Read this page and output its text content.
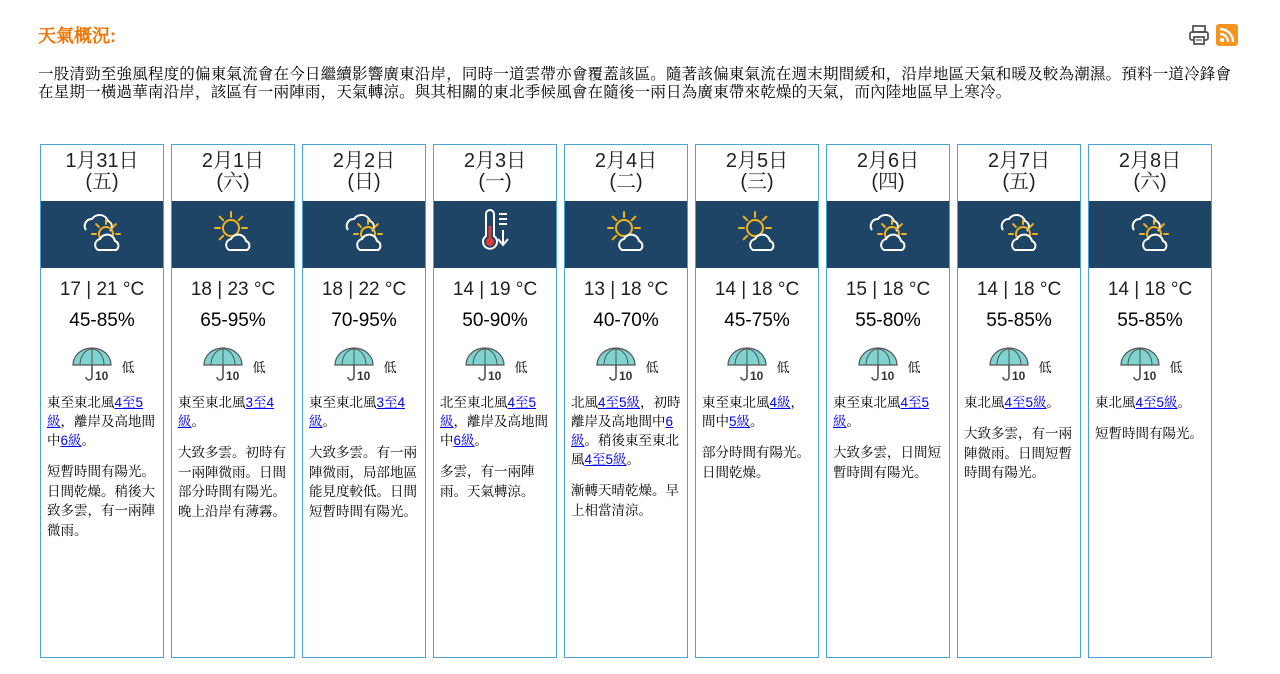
天氣概況:
一股清勁至強風程度的偏東氣流會在今日繼續影響廣東沿岸，同時一道雲帶亦會覆蓋該區。隨著該偏東氣流在週末期間緩和，沿岸地區天氣和暖及較為潮濕。預料一道冷鋒會在星期一橫過華南沿岸，該區有一兩陣雨，天氣轉涼。與其相關的東北季候風會在隨後一兩日為廣東帶來乾燥的天氣，而內陸地區早上寒冷。
1月31日
(五)
17 | 21 °C
45-85%
10
低
東至東北風4至5級，離岸及高地間中6級。
短暫時間有陽光。日間乾燥。稍後大致多雲，有一兩陣微雨。
2月1日
(六)
18 | 23 °C
65-95%
10
低
東至東北風3至4級。
大致多雲。初時有一兩陣微雨。日間部分時間有陽光。晚上沿岸有薄霧。
2月2日
(日)
18 | 22 °C
70-95%
10
低
東至東北風3至4級。
大致多雲。有一兩陣微雨，局部地區能見度較低。日間短暫時間有陽光。
2月3日
(一)
14 | 19 °C
50-90%
10
低
北至東北風4至5級，離岸及高地間中6級。
多雲，有一兩陣雨。天氣轉涼。
2月4日
(二)
13 | 18 °C
40-70%
10
低
北風4至5級，初時離岸及高地間中6級。稍後東至東北風4至5級。
漸轉天晴乾燥。早上相當清涼。
2月5日
(三)
14 | 18 °C
45-75%
10
低
東至東北風4級，間中5級。
部分時間有陽光。日間乾燥。
2月6日
(四)
15 | 18 °C
55-80%
10
低
東至東北風4至5級。
大致多雲，日間短暫時間有陽光。
2月7日
(五)
14 | 18 °C
55-85%
10
低
東北風4至5級。
大致多雲，有一兩陣微雨。日間短暫時間有陽光。
2月8日
(六)
14 | 18 °C
55-85%
10
低
東北風4至5級。
短暫時間有陽光。
